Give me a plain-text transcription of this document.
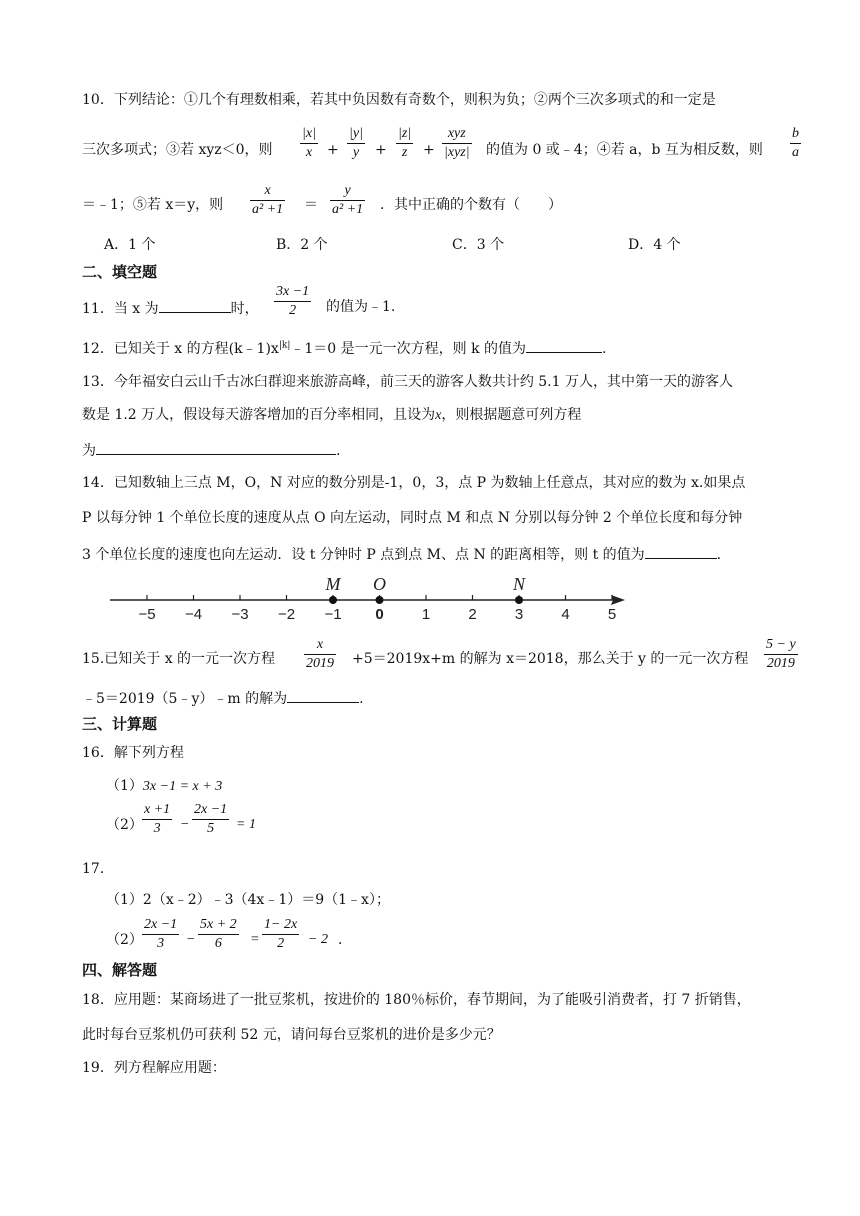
10．下列结论：①几个有理数相乘，若其中负因数有奇数个，则积为负；②两个三次多项式的和一定是
三次多项式；③若 xyz＜0，则
|x|
x	+
|y|
y	+
|z|
z	+
xyz
|xyz| 的值为 0 或﹣4；④若 a，b 互为相反数，则
b
a
＝﹣1；⑤若 x＝y，则
x
a² +1 ＝
y
a² +1 ．其中正确的个数有（　　）
A．1 个	B．2 个	C．3 个	D．4 个
二、填空题
11．当 x 为	时，
3x −1
2	的值为﹣1.
12．已知关于 x 的方程$(k﹣1)x^{|k|}﹣1=0$ 是一元一次方程，则 k 的值为	.
13．今年福安白云山千古冰臼群迎来旅游高峰，前三天的游客人数共计约 5.1 万人，其中第一天的游客人
数是 1.2 万人，假设每天游客增加的百分率相同，且设为x，则根据题意可列方程
为	.
14．已知数轴上三点 M，O，N 对应的数分别是-1，0，3，点 P 为数轴上任意点，其对应的数为 x.如果点
P 以每分钟 1 个单位长度的速度从点 O 向左运动，同时点 M 和点 N 分别以每分钟 2 个单位长度和每分钟
3 个单位长度的速度也向左运动．设 t 分钟时 P 点到点 M、点 N 的距离相等，则 t 的值为	.
−5 −4 −3 −2 −1 0	1	2	3	4	5
M O	N
15.已知关于 x 的一元一次方程
x
2019 +5＝2019x+m 的解为 x＝2018，那么关于 y 的一元一次方程
5 − y
2019
﹣5＝2019（5﹣y）﹣m 的解为	.
三、计算题
16．解下列方程
（1）3x −1 = x + 3
（2）
x +1
3	−
2x −1
5	= 1
17．
（1）2（x﹣2）﹣3（4x﹣1）＝9（1﹣x）；
（2）
2x −1
3	−
5x + 2
6	=
1− 2x
2	− 2 ．
四、解答题
18．应用题：某商场进了一批豆浆机，按进价的 180％标价，春节期间，为了能吸引消费者，打 7 折销售，
此时每台豆浆机仍可获利 52 元，请问每台豆浆机的进价是多少元？
19．列方程解应用题：
